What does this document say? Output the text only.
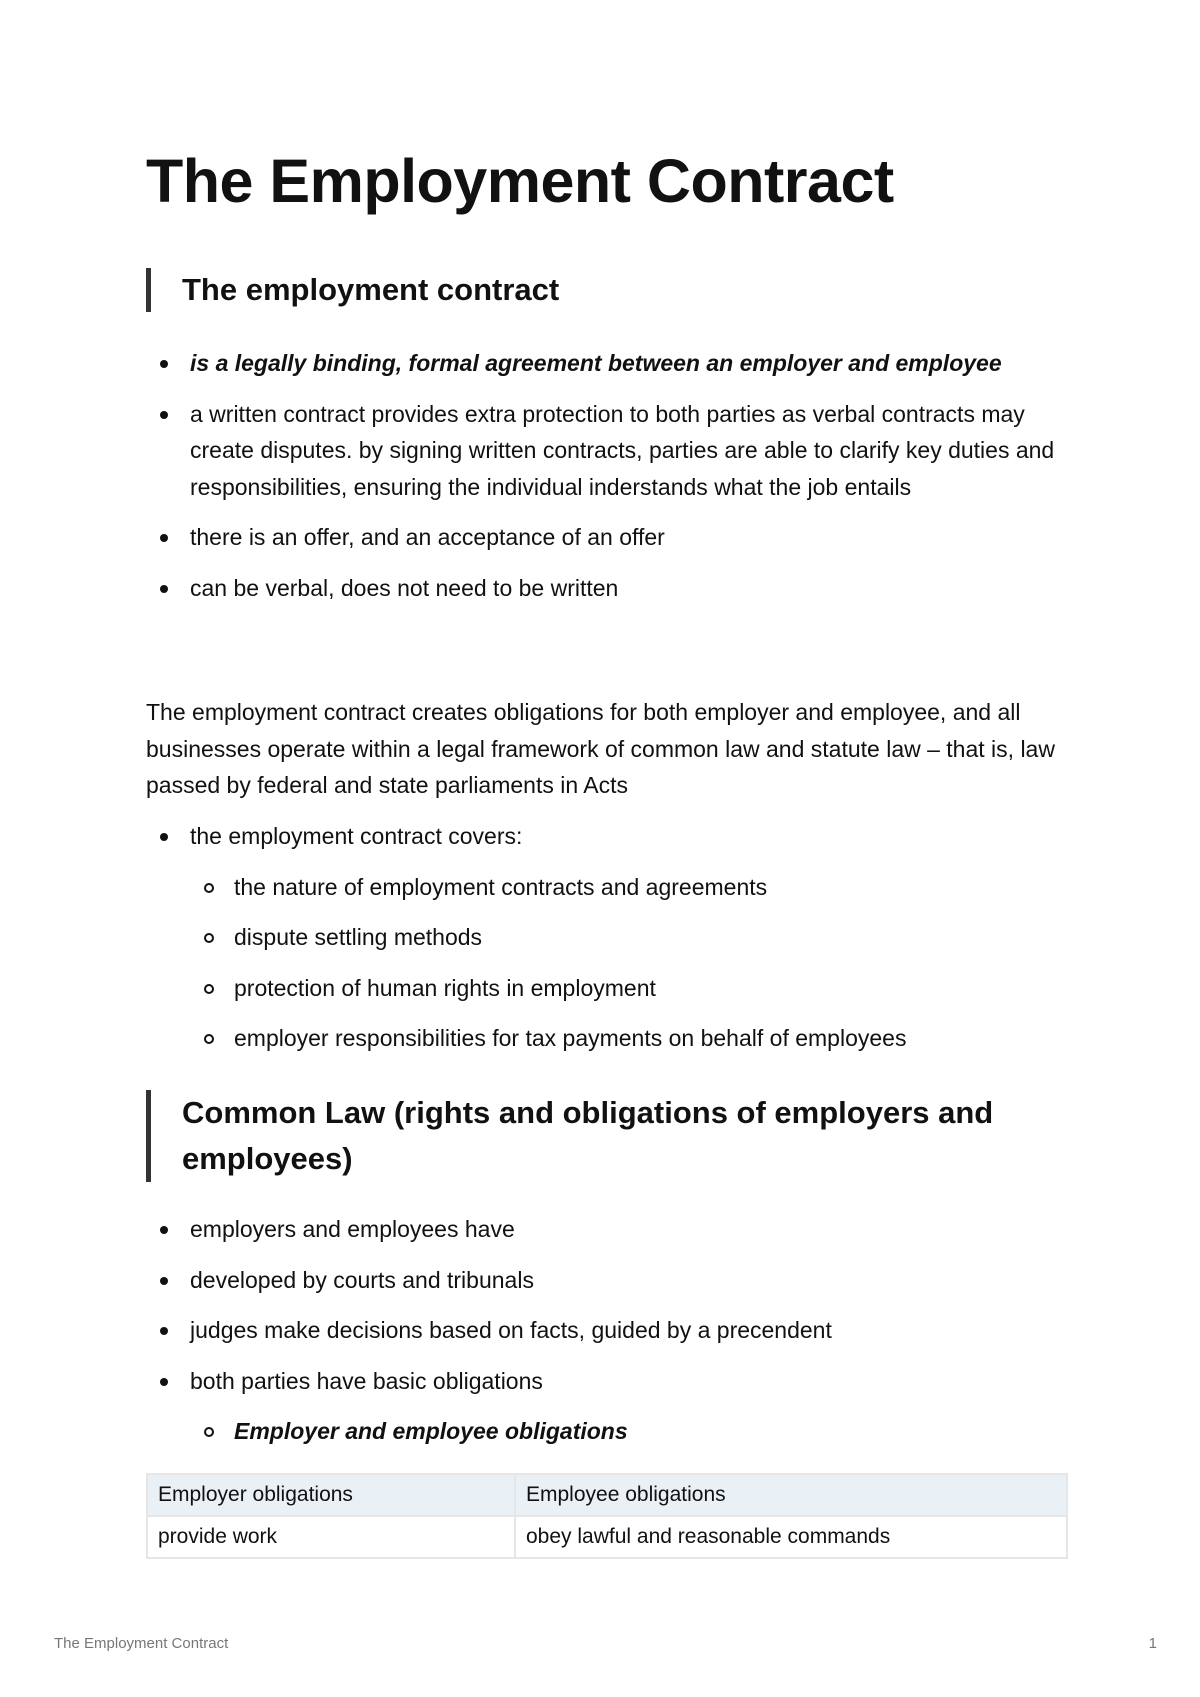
The Employment Contract
The employment contract
is a legally binding, formal agreement between an employer and employee
a written contract provides extra protection to both parties as verbal contracts may create disputes. by signing written contracts, parties are able to clarify key duties and responsibilities, ensuring the individual inderstands what the job entails
there is an offer, and an acceptance of an offer
can be verbal, does not need to be written
The employment contract creates obligations for both employer and employee, and all businesses operate within a legal framework of common law and statute law – that is, law passed by federal and state parliaments in Acts
the employment contract covers:
the nature of employment contracts and agreements
dispute settling methods
protection of human rights in employment
employer responsibilities for tax payments on behalf of employees
Common Law (rights and obligations of employers and employees)
employers and employees have
developed by courts and tribunals
judges make decisions based on facts, guided by a precendent
both parties have basic obligations
Employer and employee obligations
Employer obligations	Employee obligations
provide work	obey lawful and reasonable commands
The Employment Contract	1
